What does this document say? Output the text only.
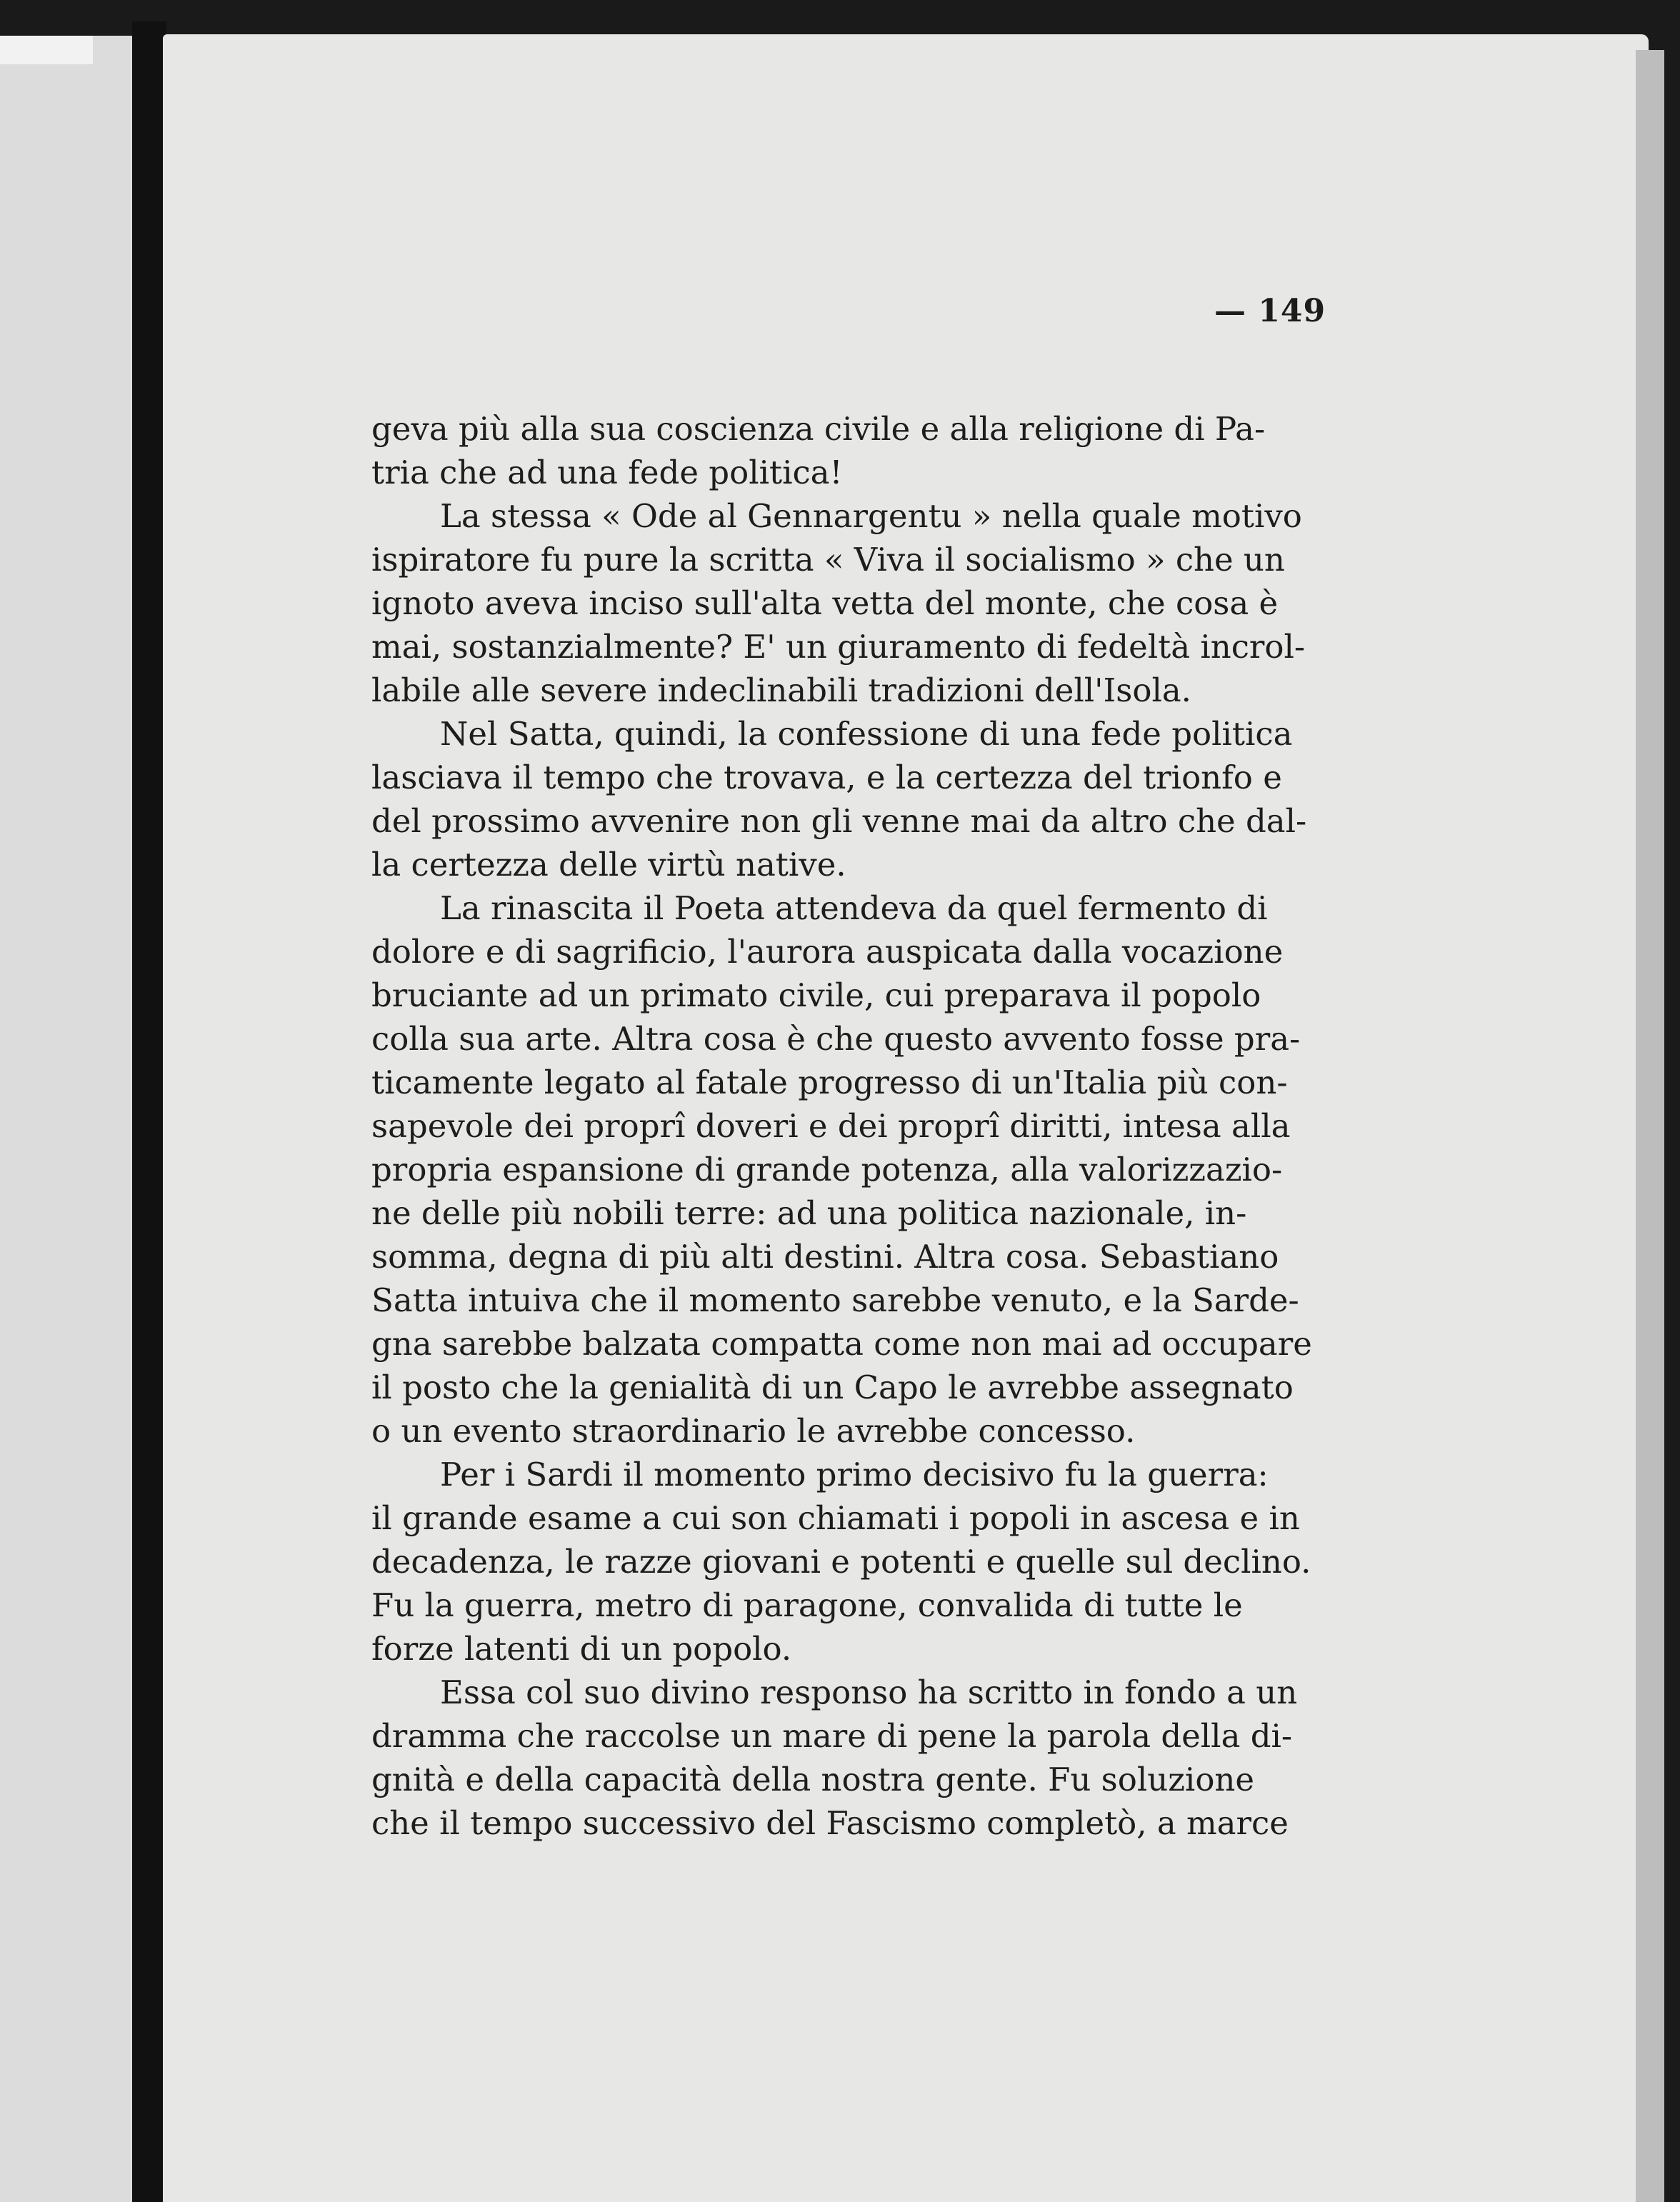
— 149
geva più alla sua coscienza civile e alla religione di Pa-
tria che ad una fede politica!
La stessa « Ode al Gennargentu » nella quale motivo
ispiratore fu pure la scritta « Viva il socialismo » che un
ignoto aveva inciso sull'alta vetta del monte, che cosa è
mai, sostanzialmente? E' un giuramento di fedeltà incrol-
labile alle severe indeclinabili tradizioni dell'Isola.
Nel Satta, quindi, la confessione di una fede politica
lasciava il tempo che trovava, e la certezza del trionfo e
del prossimo avvenire non gli venne mai da altro che dal-
la certezza delle virtù native.
La rinascita il Poeta attendeva da quel fermento di
dolore e di sagrificio, l'aurora auspicata dalla vocazione
bruciante ad un primato civile, cui preparava il popolo
colla sua arte. Altra cosa è che questo avvento fosse pra-
ticamente legato al fatale progresso di un'Italia più con-
sapevole dei proprî doveri e dei proprî diritti, intesa alla
propria espansione di grande potenza, alla valorizzazio-
ne delle più nobili terre: ad una politica nazionale, in-
somma, degna di più alti destini. Altra cosa. Sebastiano
Satta intuiva che il momento sarebbe venuto, e la Sarde-
gna sarebbe balzata compatta come non mai ad occupare
il posto che la genialità di un Capo le avrebbe assegnato
o un evento straordinario le avrebbe concesso.
Per i Sardi il momento primo decisivo fu la guerra:
il grande esame a cui son chiamati i popoli in ascesa e in
decadenza, le razze giovani e potenti e quelle sul declino.
Fu la guerra, metro di paragone, convalida di tutte le
forze latenti di un popolo.
Essa col suo divino responso ha scritto in fondo a un
dramma che raccolse un mare di pene la parola della di-
gnità e della capacità della nostra gente. Fu soluzione
che il tempo successivo del Fascismo completò, a marce
